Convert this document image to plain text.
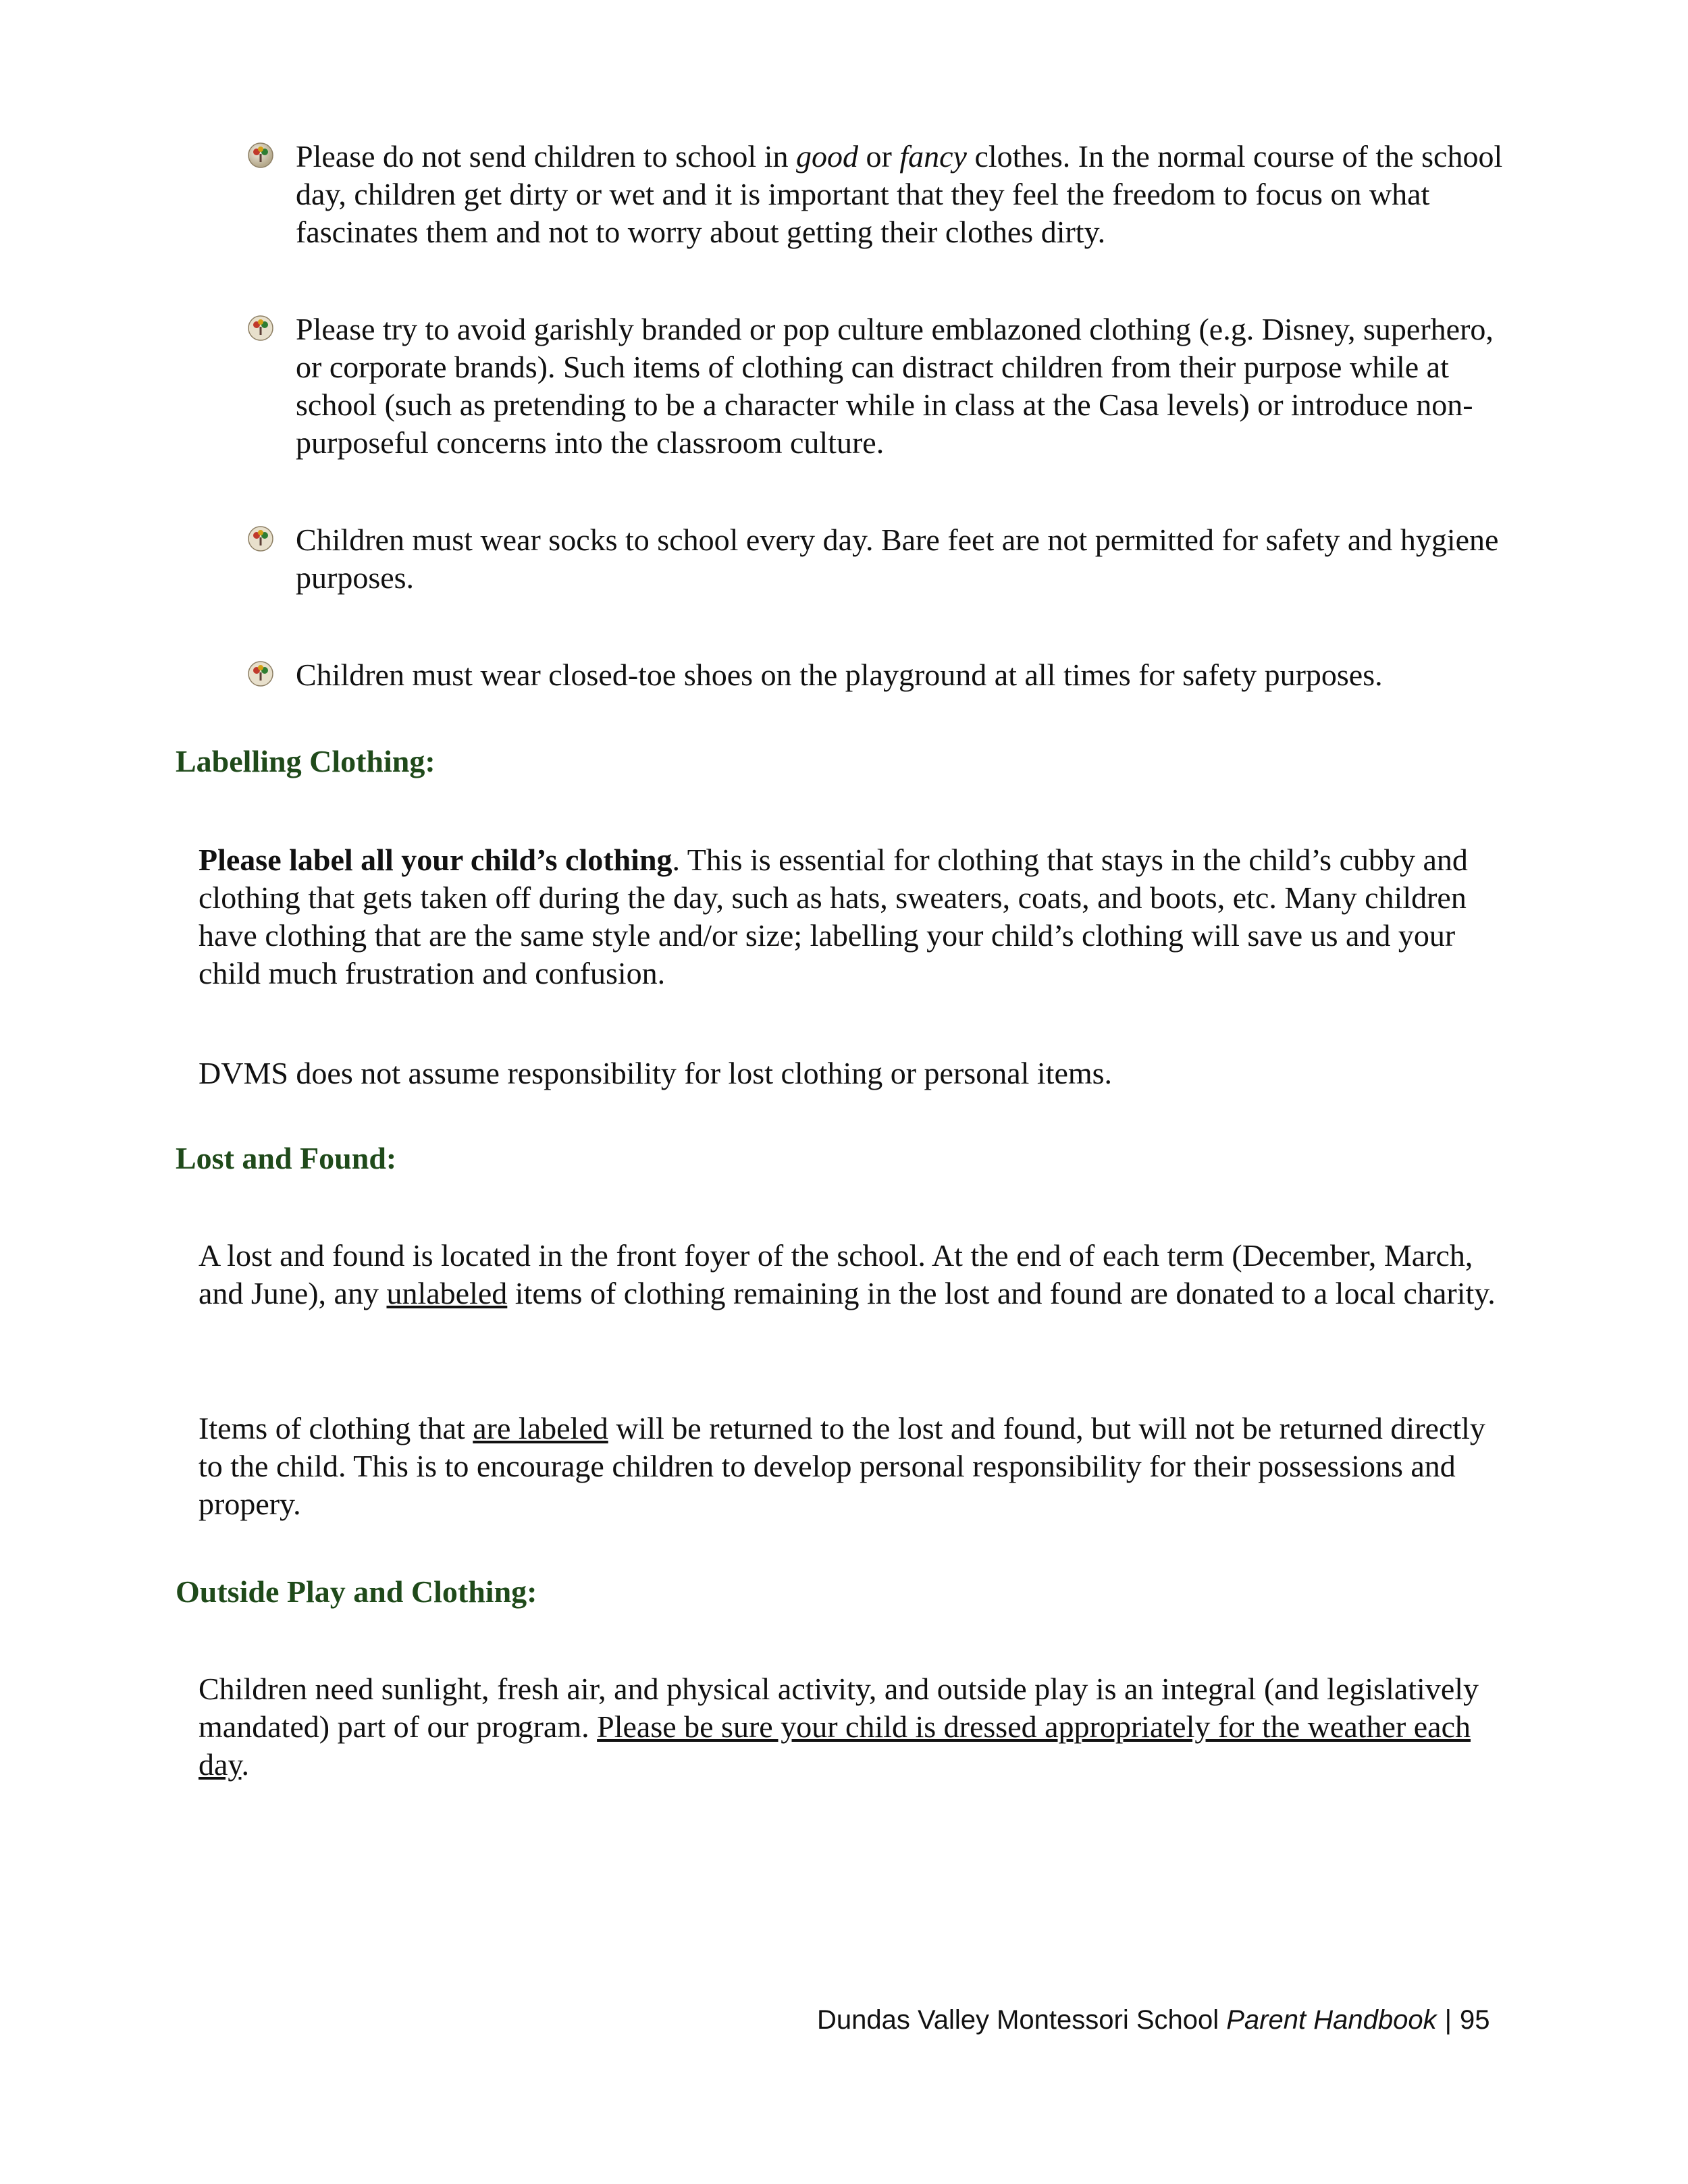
Please do not send children to school in good or fancy clothes. In the normal course of the school day, children get dirty or wet and it is important that they feel the freedom to focus on what fascinates them and not to worry about getting their clothes dirty.

Please try to avoid garishly branded or pop culture emblazoned clothing (e.g. Disney, superhero, or corporate brands). Such items of clothing can distract children from their purpose while at school (such as pretending to be a character while in class at the Casa levels) or introduce non-purposeful concerns into the classroom culture.

Children must wear socks to school every day. Bare feet are not permitted for safety and hygiene purposes.

Children must wear closed-toe shoes on the playground at all times for safety purposes.

Labelling Clothing:

Please label all your child’s clothing. This is essential for clothing that stays in the child’s cubby and clothing that gets taken off during the day, such as hats, sweaters, coats, and boots, etc. Many children have clothing that are the same style and/or size; labelling your child’s clothing will save us and your child much frustration and confusion.

DVMS does not assume responsibility for lost clothing or personal items.

Lost and Found:

A lost and found is located in the front foyer of the school. At the end of each term (December, March, and June), any unlabeled items of clothing remaining in the lost and found are donated to a local charity.

Items of clothing that are labeled will be returned to the lost and found, but will not be returned directly to the child. This is to encourage children to develop personal responsibility for their possessions and propery.

Outside Play and Clothing:

Children need sunlight, fresh air, and physical activity, and outside play is an integral (and legislatively mandated) part of our program. Please be sure your child is dressed appropriately for the weather each day.

Dundas Valley Montessori School Parent Handbook | 95
